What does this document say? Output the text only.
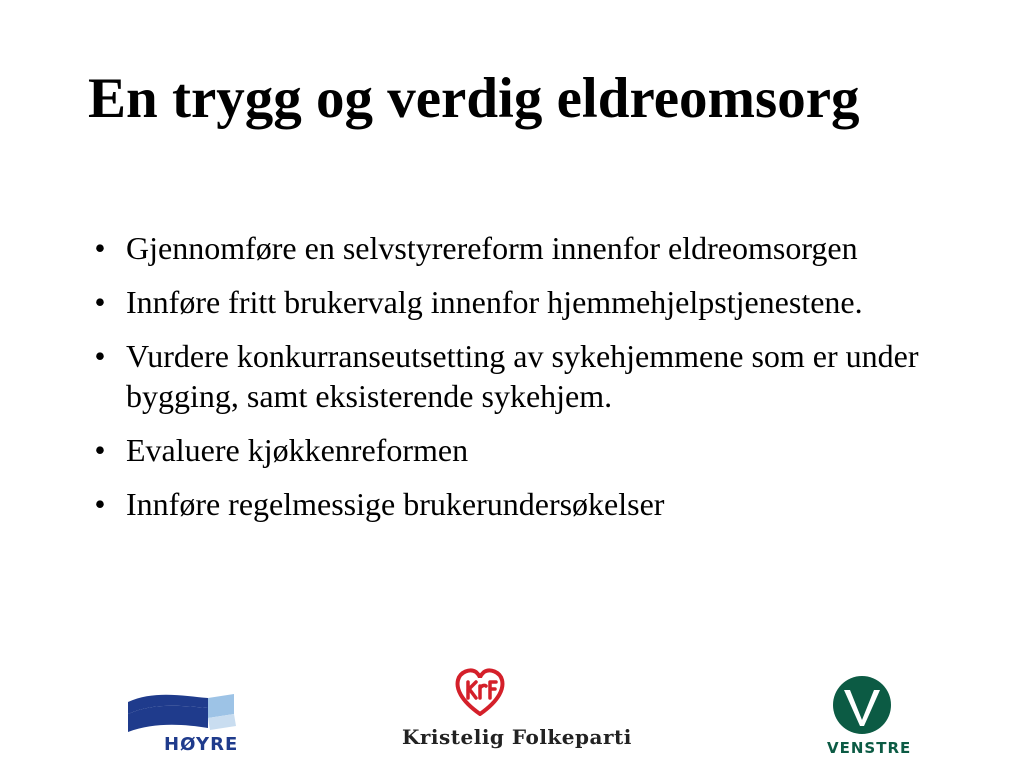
En trygg og verdig eldreomsorg
• Gjennomføre en selvstyrereform innenfor eldreomsorgen
• Innføre fritt brukervalg innenfor hjemmehjelpstjenestene.
• Vurdere konkurranseutsetting av sykehjemmene som er under bygging, samt eksisterende sykehjem.
• Evaluere kjøkkenreformen
• Innføre regelmessige brukerundersøkelser
HØYRE	Kristelig Folkeparti	VENSTRE
